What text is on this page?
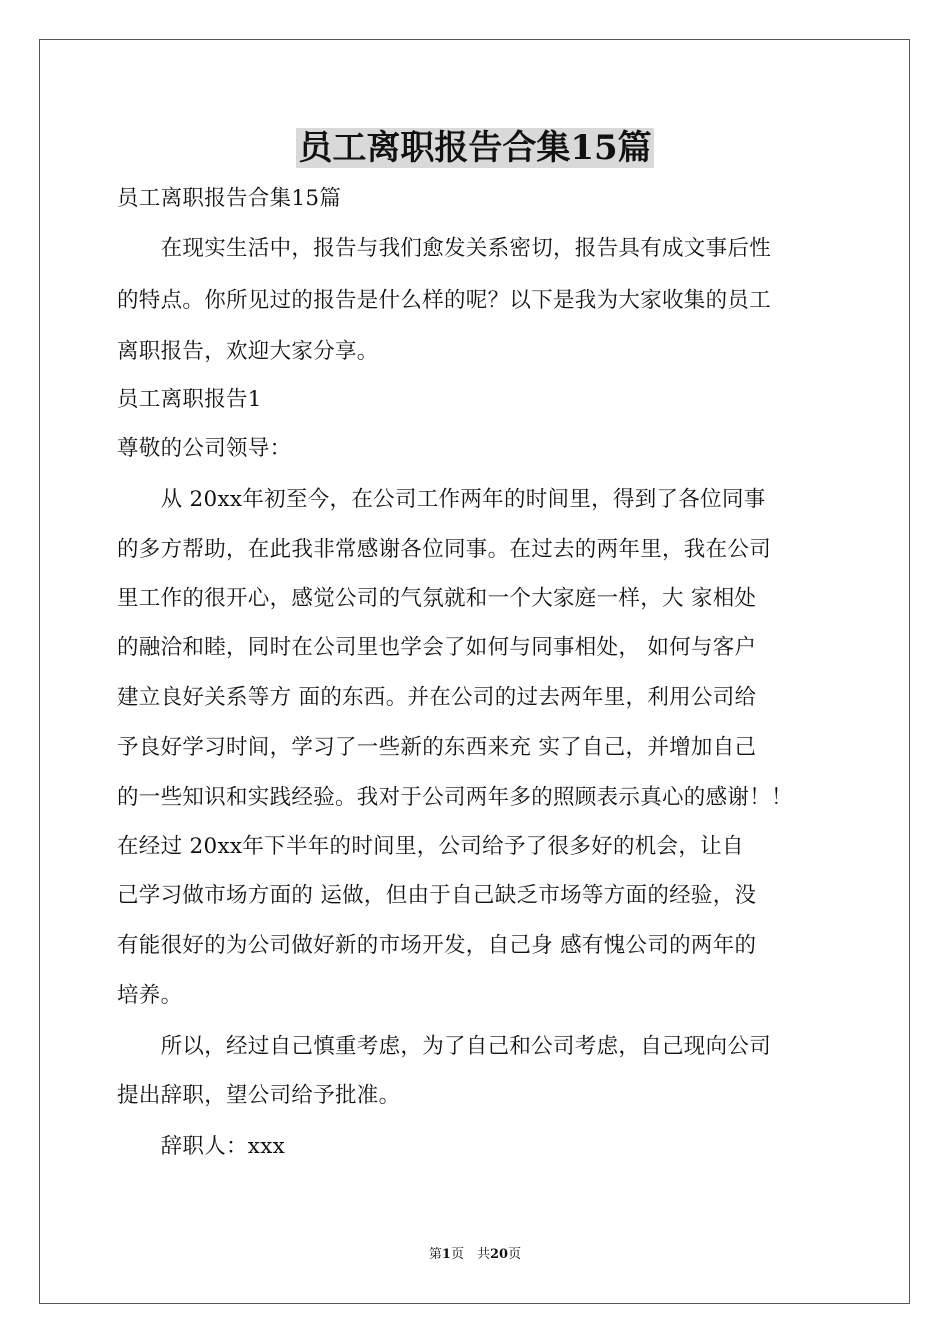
员工离职报告合集15篇
员工离职报告合集15篇
　　在现实生活中，报告与我们愈发关系密切，报告具有成文事后性
的特点。你所见过的报告是什么样的呢？以下是我为大家收集的员工
离职报告，欢迎大家分享。
员工离职报告1
尊敬的公司领导：
　　从 20xx年初至今，在公司工作两年的时间里，得到了各位同事
的多方帮助，在此我非常感谢各位同事。在过去的两年里，我在公司
里工作的很开心，感觉公司的气氛就和一个大家庭一样，大 家相处
的融洽和睦，同时在公司里也学会了如何与同事相处， 如何与客户
建立良好关系等方 面的东西。并在公司的过去两年里，利用公司给
予良好学习时间，学习了一些新的东西来充 实了自己，并增加自己
的一些知识和实践经验。我对于公司两年多的照顾表示真心的感谢！！
在经过 20xx年下半年的时间里，公司给予了很多好的机会，让自
己学习做市场方面的 运做，但由于自己缺乏市场等方面的经验，没
有能很好的为公司做好新的市场开发，自己身 感有愧公司的两年的
培养。
　　所以，经过自己慎重考虑，为了自己和公司考虑，自己现向公司
提出辞职，望公司给予批准。
　　辞职人：xxx
第1页　共20页
